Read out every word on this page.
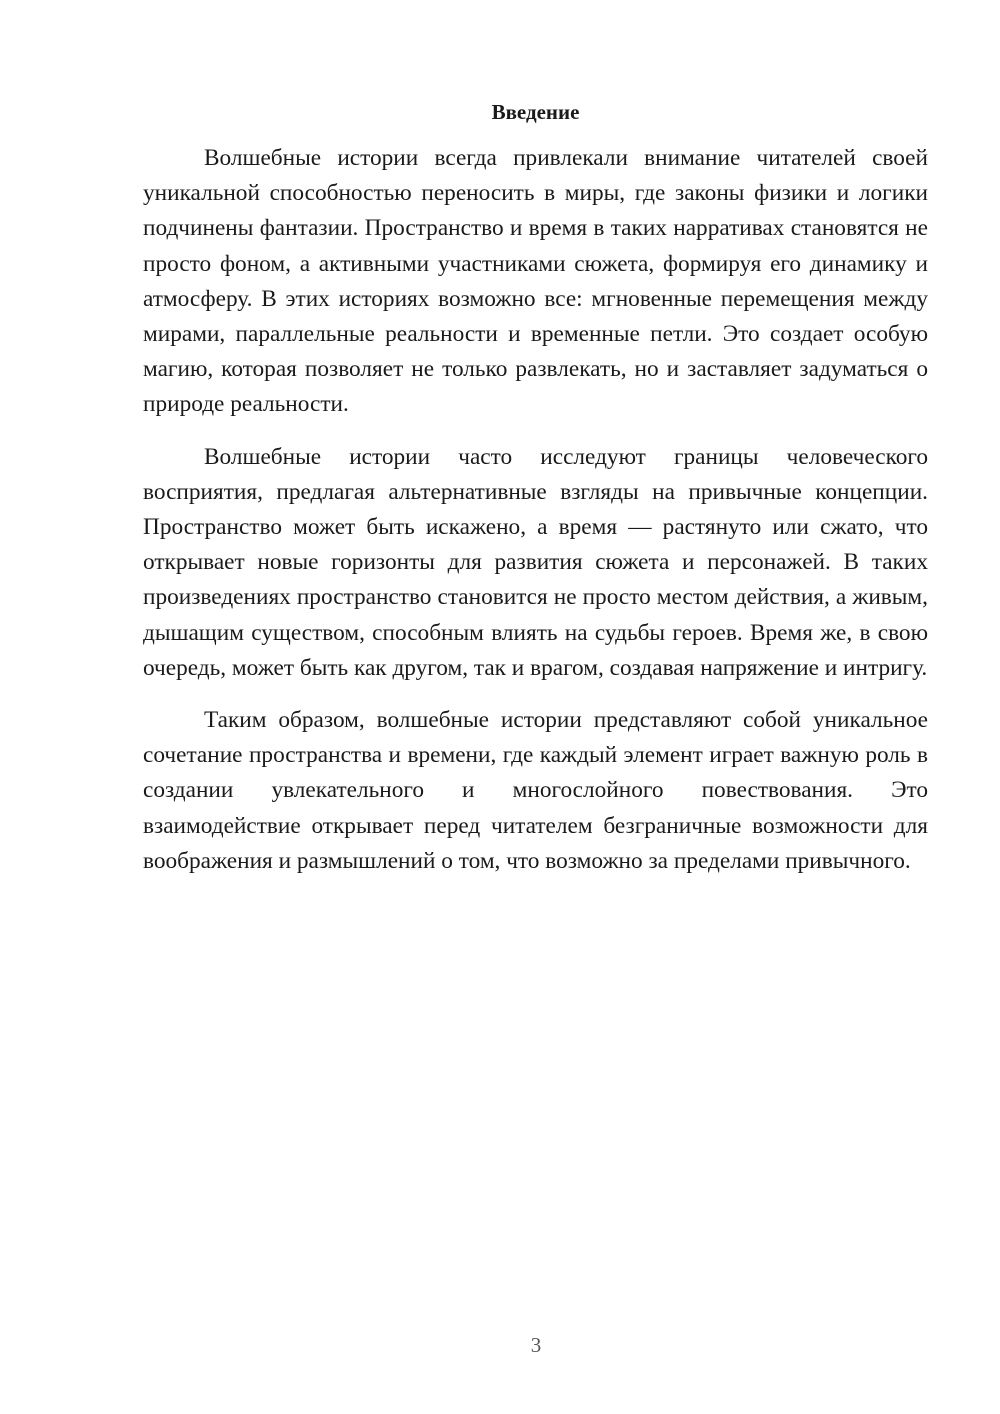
Введение

Волшебные истории всегда привлекали внимание читателей своей уникальной способностью переносить в миры, где законы физики и логики подчинены фантазии. Пространство и время в таких нарративах становятся не просто фоном, а активными участниками сюжета, формируя его динамику и атмосферу. В этих историях возможно все: мгновенные перемещения между мирами, параллельные реальности и временные петли. Это создает особую магию, которая позволяет не только развлекать, но и заставляет задуматься о природе реальности.

Волшебные истории часто исследуют границы человеческого восприятия, предлагая альтернативные взгляды на привычные концепции. Пространство может быть искажено, а время — растянуто или сжато, что открывает новые горизонты для развития сюжета и персонажей. В таких произведениях пространство становится не просто местом действия, а живым, дышащим существом, способным влиять на судьбы героев. Время же, в свою очередь, может быть как другом, так и врагом, создавая напряжение и интригу.

Таким образом, волшебные истории представляют собой уникальное сочетание пространства и времени, где каждый элемент играет важную роль в создании увлекательного и многослойного повествования. Это взаимодействие открывает перед читателем безграничные возможности для воображения и размышлений о том, что возможно за пределами привычного.

3
